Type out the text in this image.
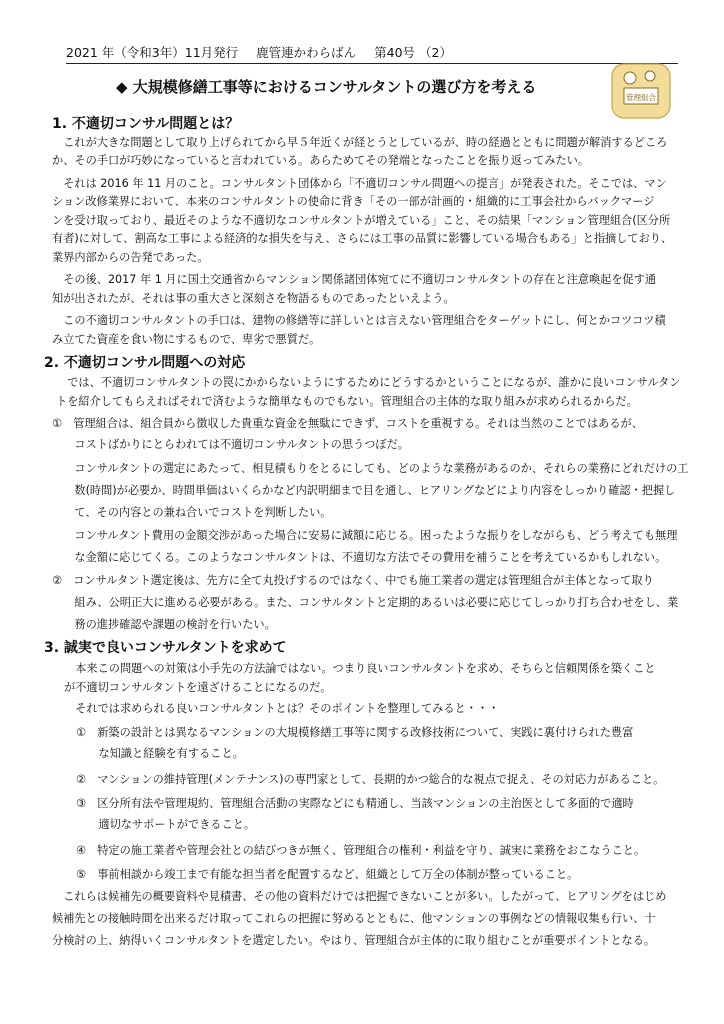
2021 年（令和3年）11月発行 鹿管連かわらばん 第40号 （2）
◆ 大規模修繕工事等におけるコンサルタントの選び方を考える
管理組合
1. 不適切コンサル問題とは？
　これが大きな問題として取り上げられてから早５年近くが経とうとしているが、時の経過とともに問題が解消するどころ
か、その手口が巧妙になっていると言われている。あらためてその発端となったことを振り返ってみたい。
　それは 2016 年 11 月のこと。コンサルタント団体から「不適切コンサル問題への提言」が発表された。そこでは、マン
ション改修業界において、本来のコンサルタントの使命に背き「その一部が計画的・組織的に工事会社からバックマージ
ンを受け取っており、最近そのような不適切なコンサルタントが増えている」こと、その結果「マンション管理組合(区分所
有者)に対して、割高な工事による経済的な損失を与え、さらには工事の品質に影響している場合もある」と指摘しており、
業界内部からの告発であった。
　その後、2017 年 1 月に国土交通省からマンション関係諸団体宛てに不適切コンサルタントの存在と注意喚起を促す通
知が出されたが、それは事の重大さと深刻さを物語るものであったといえよう。
　この不適切コンサルタントの手口は、建物の修繕等に詳しいとは言えない管理組合をターゲットにし、何とかコツコツ積
み立てた資産を食い物にするもので、卑劣で悪質だ。
2. 不適切コンサル問題への対応
　では、不適切コンサルタントの罠にかからないようにするためにどうするかということになるが、誰かに良いコンサルタン
トを紹介してもらえればそれで済むような簡単なものでもない。管理組合の主体的な取り組みが求められるからだ。
①　管理組合は、組合員から徴収した貴重な資金を無駄にできず、コストを重視する。それは当然のことではあるが、
　　コストばかりにとらわれては不適切コンサルタントの思うつぼだ。
　　コンサルタントの選定にあたって、相見積もりをとるにしても、どのような業務があるのか、それらの業務にどれだけの工
　　数(時間)が必要か、時間単価はいくらかなど内訳明細まで目を通し、ヒアリングなどにより内容をしっかり確認・把握し
　　て、その内容との兼ね合いでコストを判断したい。
　　コンサルタント費用の金額交渉があった場合に安易に減額に応じる。困ったような振りをしながらも、どう考えても無理
　　な金額に応じてくる。このようなコンサルタントは、不適切な方法でその費用を補うことを考えているかもしれない。
②　コンサルタント選定後は、先方に全て丸投げするのではなく、中でも施工業者の選定は管理組合が主体となって取り
　　組み、公明正大に進める必要がある。また、コンサルタントと定期的あるいは必要に応じてしっかり打ち合わせをし、業
　　務の進捗確認や課題の検討を行いたい。
3. 誠実で良いコンサルタントを求めて
　本来この問題への対策は小手先の方法論ではない。つまり良いコンサルタントを求め、そちらと信頼関係を築くこと
が不適切コンサルタントを遠ざけることになるのだ。
　それでは求められる良いコンサルタントとは？そのポイントを整理してみると・・・
①　新築の設計とは異なるマンションの大規模修繕工事等に関する改修技術について、実践に裏付けられた豊富
　　な知識と経験を有すること。
②　マンションの維持管理(メンテナンス)の専門家として、長期的かつ総合的な視点で捉え、その対応力があること。
③　区分所有法や管理規約、管理組合活動の実際などにも精通し、当該マンションの主治医として多面的で適時
　　適切なサポートができること。
④　特定の施工業者や管理会社との結びつきが無く、管理組合の権利・利益を守り、誠実に業務をおこなうこと。
⑤　事前相談から竣工まで有能な担当者を配置するなど、組織として万全の体制が整っていること。
　これらは候補先の概要資料や見積書、その他の資料だけでは把握できないことが多い。したがって、ヒアリングをはじめ
候補先との接触時間を出来るだけ取ってこれらの把握に努めるとともに、他マンションの事例などの情報収集も行い、十
分検討の上、納得いくコンサルタントを選定したい。やはり、管理組合が主体的に取り組むことが重要ポイントとなる。
